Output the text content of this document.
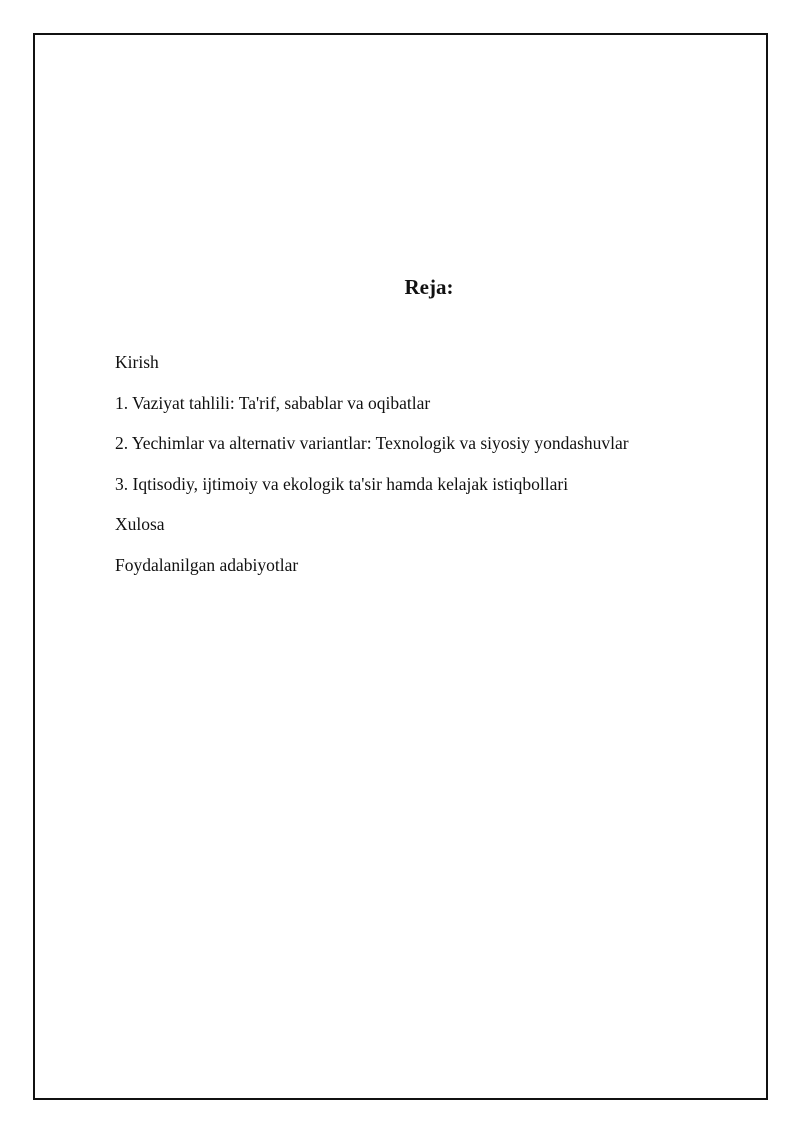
Reja:
Kirish
1. Vaziyat tahlili: Ta'rif, sabablar va oqibatlar
2. Yechimlar va alternativ variantlar: Texnologik va siyosiy yondashuvlar
3. Iqtisodiy, ijtimoiy va ekologik ta'sir hamda kelajak istiqbollari
Xulosa
Foydalanilgan adabiyotlar
